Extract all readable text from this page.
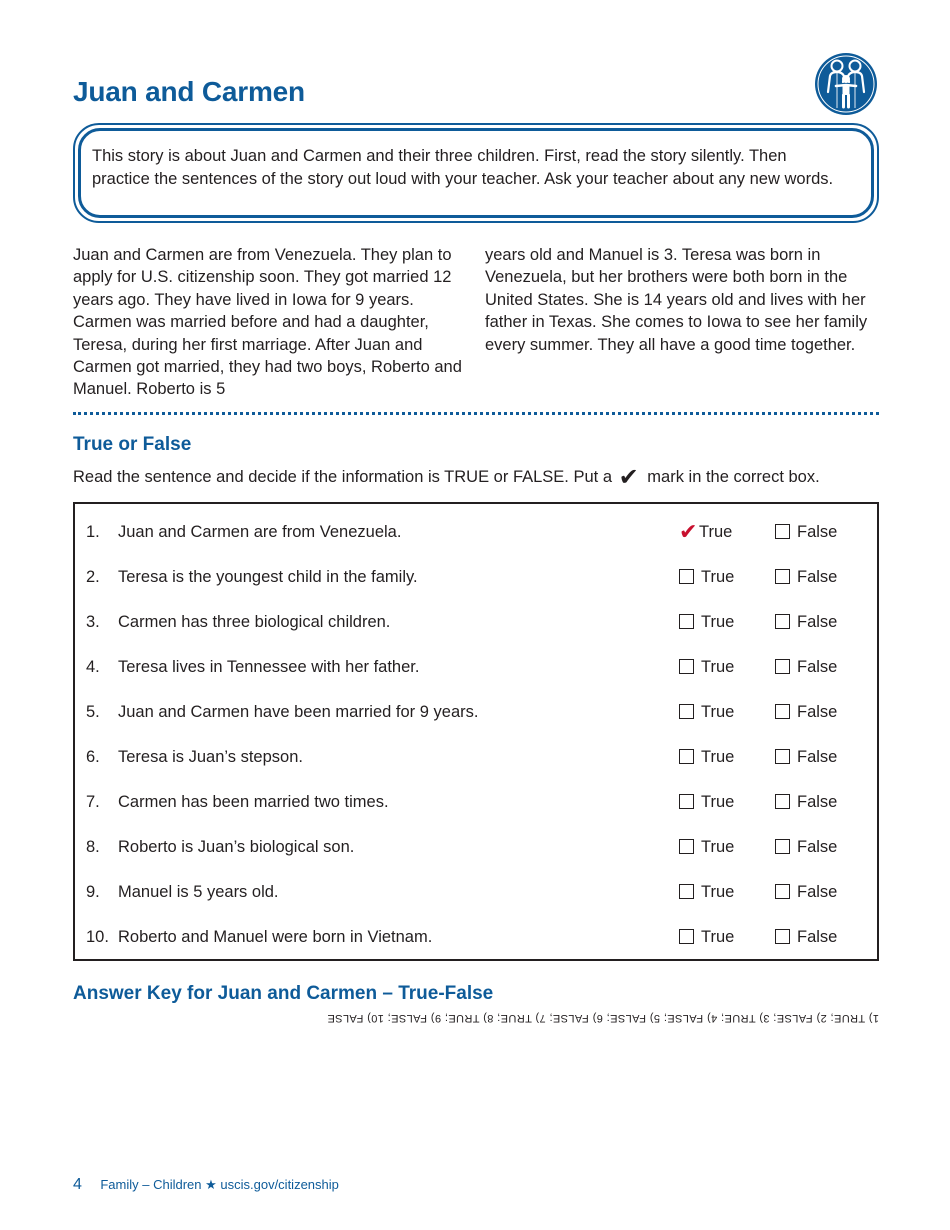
Juan and Carmen

This story is about Juan and Carmen and their three children. First, read the story silently. Then practice the sentences of the story out loud with your teacher. Ask your teacher about any new words.

Juan and Carmen are from Venezuela. They plan to apply for U.S. citizenship soon. They got married 12 years ago. They have lived in Iowa for 9 years. Carmen was married before and had a daughter, Teresa, during her first marriage. After Juan and Carmen got married, they had two boys, Roberto and Manuel. Roberto is 5

years old and Manuel is 3. Teresa was born in Venezuela, but her brothers were both born in the United States. She is 14 years old and lives with her father in Texas. She comes to Iowa to see her family every summer. They all have a good time together.

True or False

Read the sentence and decide if the information is TRUE or FALSE. Put a ✔ mark in the correct box.

1.	Juan and Carmen are from Venezuela.	✔True	False
2.	Teresa is the youngest child in the family.	True	False
3.	Carmen has three biological children.	True	False
4.	Teresa lives in Tennessee with her father.	True	False
5.	Juan and Carmen have been married for 9 years.	True	False
6.	Teresa is Juan’s stepson.	True	False
7.	Carmen has been married two times.	True	False
8.	Roberto is Juan’s biological son.	True	False
9.	Manuel is 5 years old.	True	False
10. Roberto and Manuel were born in Vietnam.	True	False
Answer Key for Juan and Carmen – True-False

1) TRUE; 2) FALSE; 3) TRUE; 4) FALSE; 5) FALSE; 6) FALSE; 7) TRUE; 8) TRUE; 9) FALSE; 10) FALSE

4 Family – Children ★ uscis.gov/citizenship
